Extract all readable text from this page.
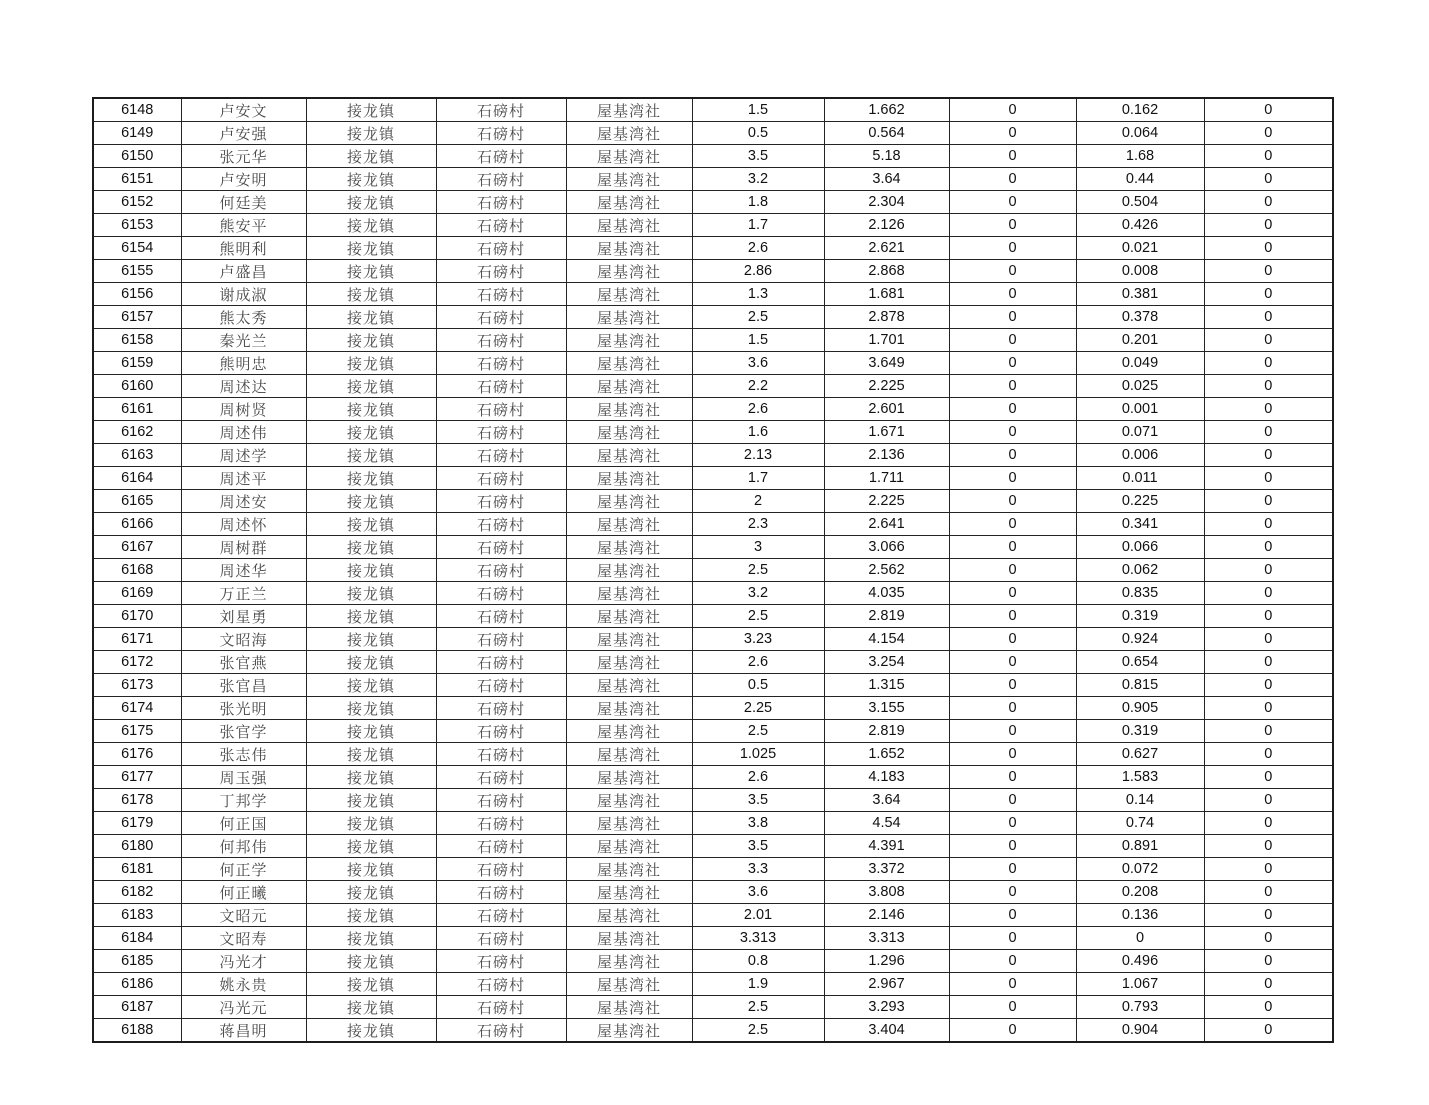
6148	卢安文	接龙镇	石磅村	屋基湾社	1.5	1.662	0	0.162	0
6149	卢安强	接龙镇	石磅村	屋基湾社	0.5	0.564	0	0.064	0
6150	张元华	接龙镇	石磅村	屋基湾社	3.5	5.18	0	1.68	0
6151	卢安明	接龙镇	石磅村	屋基湾社	3.2	3.64	0	0.44	0
6152	何廷美	接龙镇	石磅村	屋基湾社	1.8	2.304	0	0.504	0
6153	熊安平	接龙镇	石磅村	屋基湾社	1.7	2.126	0	0.426	0
6154	熊明利	接龙镇	石磅村	屋基湾社	2.6	2.621	0	0.021	0
6155	卢盛昌	接龙镇	石磅村	屋基湾社	2.86	2.868	0	0.008	0
6156	谢成淑	接龙镇	石磅村	屋基湾社	1.3	1.681	0	0.381	0
6157	熊太秀	接龙镇	石磅村	屋基湾社	2.5	2.878	0	0.378	0
6158	秦光兰	接龙镇	石磅村	屋基湾社	1.5	1.701	0	0.201	0
6159	熊明忠	接龙镇	石磅村	屋基湾社	3.6	3.649	0	0.049	0
6160	周述达	接龙镇	石磅村	屋基湾社	2.2	2.225	0	0.025	0
6161	周树贤	接龙镇	石磅村	屋基湾社	2.6	2.601	0	0.001	0
6162	周述伟	接龙镇	石磅村	屋基湾社	1.6	1.671	0	0.071	0
6163	周述学	接龙镇	石磅村	屋基湾社	2.13	2.136	0	0.006	0
6164	周述平	接龙镇	石磅村	屋基湾社	1.7	1.711	0	0.011	0
6165	周述安	接龙镇	石磅村	屋基湾社	2	2.225	0	0.225	0
6166	周述怀	接龙镇	石磅村	屋基湾社	2.3	2.641	0	0.341	0
6167	周树群	接龙镇	石磅村	屋基湾社	3	3.066	0	0.066	0
6168	周述华	接龙镇	石磅村	屋基湾社	2.5	2.562	0	0.062	0
6169	万正兰	接龙镇	石磅村	屋基湾社	3.2	4.035	0	0.835	0
6170	刘星勇	接龙镇	石磅村	屋基湾社	2.5	2.819	0	0.319	0
6171	文昭海	接龙镇	石磅村	屋基湾社	3.23	4.154	0	0.924	0
6172	张官燕	接龙镇	石磅村	屋基湾社	2.6	3.254	0	0.654	0
6173	张官昌	接龙镇	石磅村	屋基湾社	0.5	1.315	0	0.815	0
6174	张光明	接龙镇	石磅村	屋基湾社	2.25	3.155	0	0.905	0
6175	张官学	接龙镇	石磅村	屋基湾社	2.5	2.819	0	0.319	0
6176	张志伟	接龙镇	石磅村	屋基湾社	1.025	1.652	0	0.627	0
6177	周玉强	接龙镇	石磅村	屋基湾社	2.6	4.183	0	1.583	0
6178	丁邦学	接龙镇	石磅村	屋基湾社	3.5	3.64	0	0.14	0
6179	何正国	接龙镇	石磅村	屋基湾社	3.8	4.54	0	0.74	0
6180	何邦伟	接龙镇	石磅村	屋基湾社	3.5	4.391	0	0.891	0
6181	何正学	接龙镇	石磅村	屋基湾社	3.3	3.372	0	0.072	0
6182	何正曦	接龙镇	石磅村	屋基湾社	3.6	3.808	0	0.208	0
6183	文昭元	接龙镇	石磅村	屋基湾社	2.01	2.146	0	0.136	0
6184	文昭寿	接龙镇	石磅村	屋基湾社	3.313	3.313	0	0	0
6185	冯光才	接龙镇	石磅村	屋基湾社	0.8	1.296	0	0.496	0
6186	姚永贵	接龙镇	石磅村	屋基湾社	1.9	2.967	0	1.067	0
6187	冯光元	接龙镇	石磅村	屋基湾社	2.5	3.293	0	0.793	0
6188	蒋昌明	接龙镇	石磅村	屋基湾社	2.5	3.404	0	0.904	0
